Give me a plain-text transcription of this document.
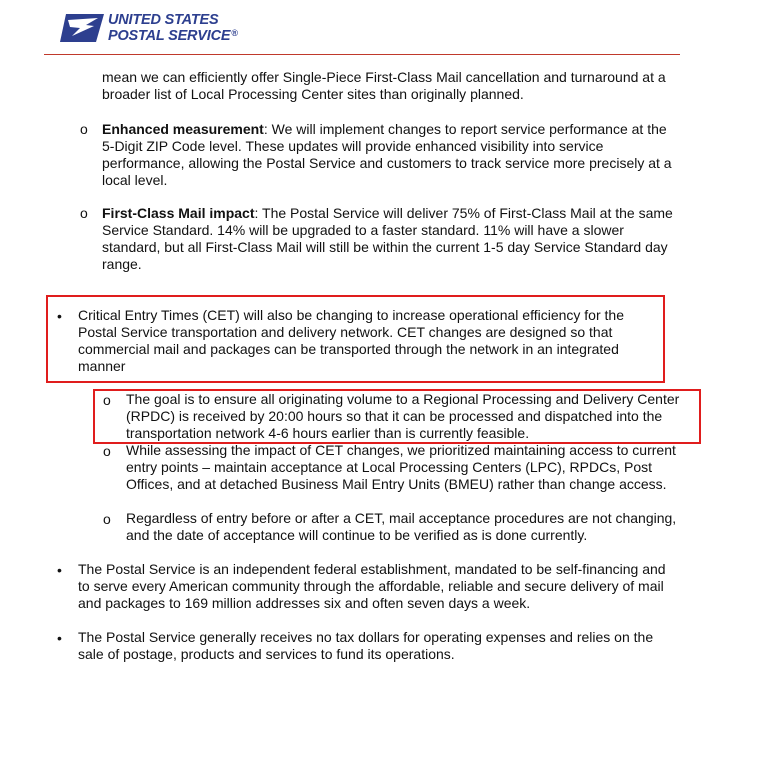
UNITED STATES
POSTAL SERVICE®

mean we can efficiently offer Single-Piece First-Class Mail cancellation and turnaround at a broader list of Local Processing Center sites than originally planned.

o Enhanced measurement: We will implement changes to report service performance at the 5-Digit ZIP Code level. These updates will provide enhanced visibility into service performance, allowing the Postal Service and customers to track service more precisely at a local level.

o First-Class Mail impact: The Postal Service will deliver 75% of First-Class Mail at the same Service Standard. 14% will be upgraded to a faster standard. 11% will have a slower standard, but all First-Class Mail will still be within the current 1-5 day Service Standard day range.

• Critical Entry Times (CET) will also be changing to increase operational efficiency for the Postal Service transportation and delivery network. CET changes are designed so that commercial mail and packages can be transported through the network in an integrated manner

o The goal is to ensure all originating volume to a Regional Processing and Delivery Center (RPDC) is received by 20:00 hours so that it can be processed and dispatched into the transportation network 4-6 hours earlier than is currently feasible.

o While assessing the impact of CET changes, we prioritized maintaining access to current entry points – maintain acceptance at Local Processing Centers (LPC), RPDCs, Post Offices, and at detached Business Mail Entry Units (BMEU) rather than change access.

o Regardless of entry before or after a CET, mail acceptance procedures are not changing, and the date of acceptance will continue to be verified as is done currently.

• The Postal Service is an independent federal establishment, mandated to be self-financing and to serve every American community through the affordable, reliable and secure delivery of mail and packages to 169 million addresses six and often seven days a week.

• The Postal Service generally receives no tax dollars for operating expenses and relies on the sale of postage, products and services to fund its operations.
